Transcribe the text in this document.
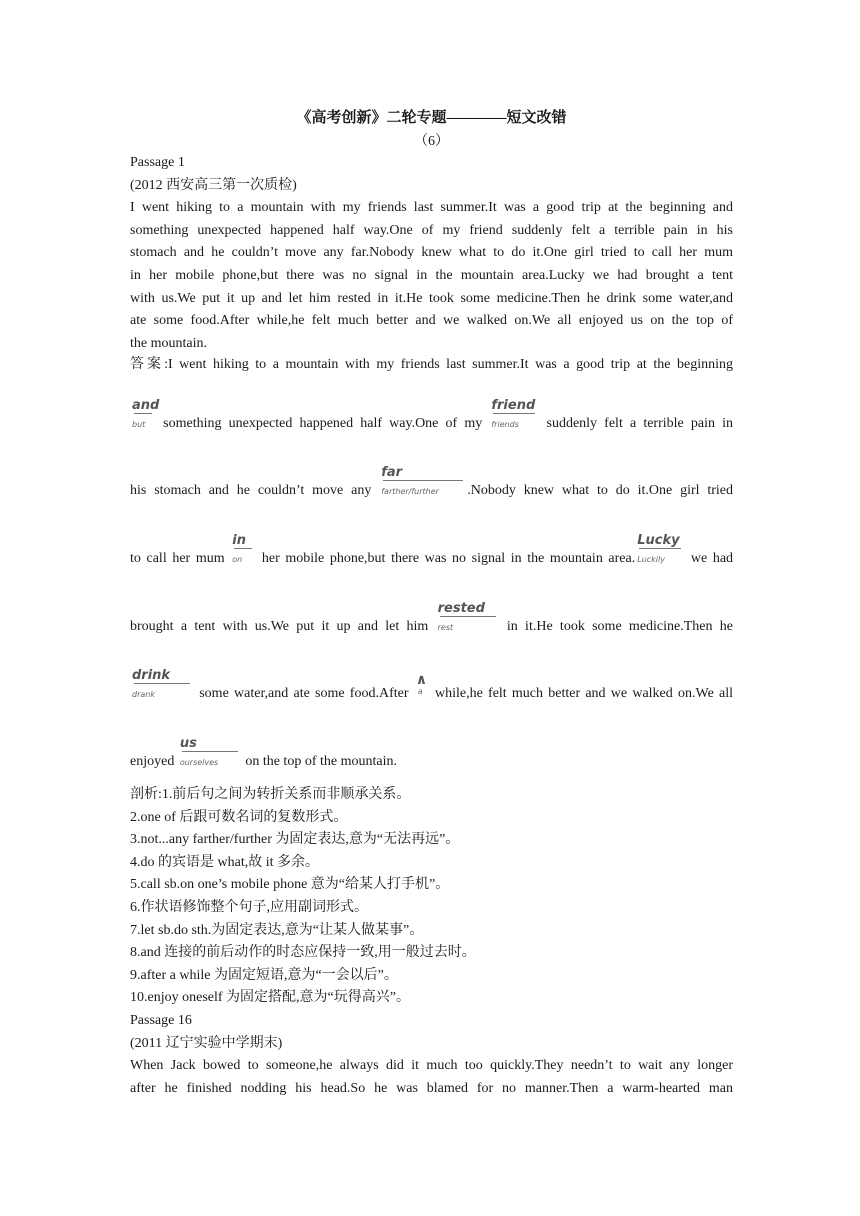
《高考创新》二轮专题————短文改错
（6）
Passage 1
(2012 西安高三第一次质检)
I went hiking to a mountain with my friends last summer.It was a good trip at the beginning and
something unexpected happened half way.One of my friend suddenly felt a terrible pain in his
stomach and he couldn’t move any far.Nobody knew what to do it.One girl tried to call her mum
in her mobile phone,but there was no signal in the mountain area.Lucky we had brought a tent
with us.We put it up and let him rested in it.He took some medicine.Then he drink some water,and
ate some food.After while,he felt much better and we walked on.We all enjoyed us on the top of
the mountain.
答案:I went hiking to a mountain with my friends last summer.It was a good trip at the beginning
and
but	something unexpected happened half way.One of my
friend
friends	suddenly felt a terrible pain in
his stomach and he couldn’t move any
far
farther/further	.Nobody knew what to do it.One girl tried
to call her mum
in
on	her mobile phone,but there was no signal in the mountain area.
Lucky
Luckily	we had
brought a tent with us.We put it up and let him
rested
rest	in it.He took some medicine.Then he
drink
drank	some water,and ate some food.After
∧
a while,he felt much better and we walked on.We all
enjoyed
us
ourselves	on the top of the mountain.
剖析:1.前后句之间为转折关系而非顺承关系。
2.one of 后跟可数名词的复数形式。
3.not...any farther/further 为固定表达,意为“无法再远”。
4.do 的宾语是 what,故 it 多余。
5.call sb.on one’s mobile phone 意为“给某人打手机”。
6.作状语修饰整个句子,应用副词形式。
7.let sb.do sth.为固定表达,意为“让某人做某事”。
8.and 连接的前后动作的时态应保持一致,用一般过去时。
9.after a while 为固定短语,意为“一会以后”。
10.enjoy oneself 为固定搭配,意为“玩得高兴”。
Passage 16
(2011 辽宁实验中学期末)
When Jack bowed to someone,he always did it much too quickly.They needn’t to wait any longer
after he finished nodding his head.So he was blamed for no manner.Then a warm-hearted man
